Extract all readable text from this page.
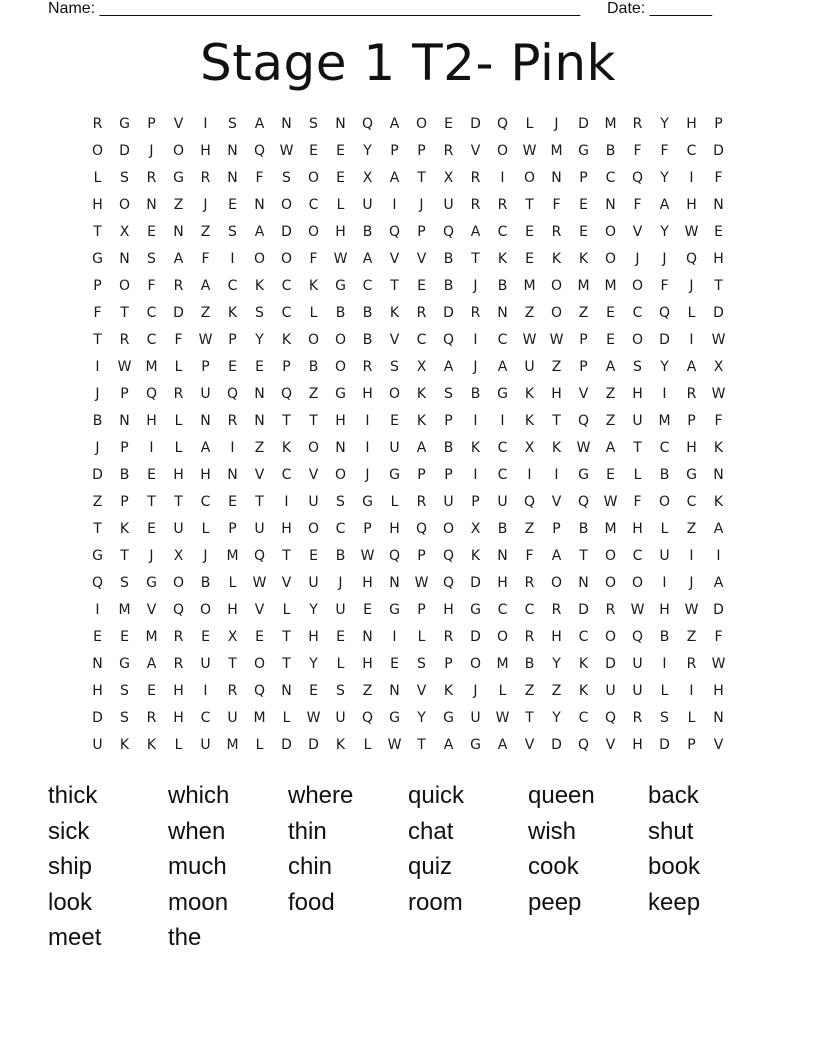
Name: ______________________________________________________ Date: _______
Stage 1 T2- Pink
R	G	P	V	I	S	A	N	S	N	Q	A	O	E	D	Q	L	J	D	M	R	Y	H	P
O	D	J	O	H	N	Q	W	E	E	Y	P	P	R	V	O	W	M	G	B	F	F	C	D
L	S	R	G	R	N	F	S	O	E	X	A	T	X	R	I	O	N	P	C	Q	Y	I	F
H	O	N	Z	J	E	N	O	C	L	U	I	J	U	R	R	T	F	E	N	F	A	H	N
T	X	E	N	Z	S	A	D	O	H	B	Q	P	Q	A	C	E	R	E	O	V	Y	W	E
G	N	S	A	F	I	O	O	F	W	A	V	V	B	T	K	E	K	K	O	J	J	Q	H
P	O	F	R	A	C	K	C	K	G	C	T	E	B	J	B	M	O	M	M	O	F	J	T
F	T	C	D	Z	K	S	C	L	B	B	K	R	D	R	N	Z	O	Z	E	C	Q	L	D
T	R	C	F	W	P	Y	K	O	O	B	V	C	Q	I	C	W W	P	E	O	D	I	W
I	W	M	L	P	E	E	P	B	O	R	S	X	A	J	A	U	Z	P	A	S	Y	A	X
J	P	Q	R	U	Q	N	Q	Z	G	H	O	K	S	B	G	K	H	V	Z	H	I	R	W
B	N	H	L	N	R	N	T	T	H	I	E	K	P	I	I	K	T	Q	Z	U	M	P	F
J	P	I	L	A	I	Z	K	O	N	I	U	A	B	K	C	X	K	W	A	T	C	H	K
D	B	E	H	H	N	V	C	V	O	J	G	P	P	I	C	I	I	G	E	L	B	G	N
Z	P	T	T	C	E	T	I	U	S	G	L	R	U	P	U	Q	V	Q	W	F	O	C	K
T	K	E	U	L	P	U	H	O	C	P	H	Q	O	X	B	Z	P	B	M	H	L	Z	A
G	T	J	X	J	M	Q	T	E	B	W	Q	P	Q	K	N	F	A	T	O	C	U	I	I
Q	S	G	O	B	L	W	V	U	J	H	N	W	Q	D	H	R	O	N	O	O	I	J	A
I	M	V	Q	O	H	V	L	Y	U	E	G	P	H	G	C	C	R	D	R	W	H	W	D
E	E	M	R	E	X	E	T	H	E	N	I	L	R	D	O	R	H	C	O	Q	B	Z	F
N	G	A	R	U	T	O	T	Y	L	H	E	S	P	O	M	B	Y	K	D	U	I	R	W
H	S	E	H	I	R	Q	N	E	S	Z	N	V	K	J	L	Z	Z	K	U	U	L	I	H
D	S	R	H	C	U	M	L	W	U	Q	G	Y	G	U	W	T	Y	C	Q	R	S	L	N
U	K	K	L	U	M	L	D	D	K	L	W	T	A	G	A	V	D	Q	V	H	D	P	V
thick	which	where	quick	queen	back
sick	when	thin	chat	wish	shut
ship	much	chin	quiz	cook	book
look	moon	food	room	peep	keep
meet	the
